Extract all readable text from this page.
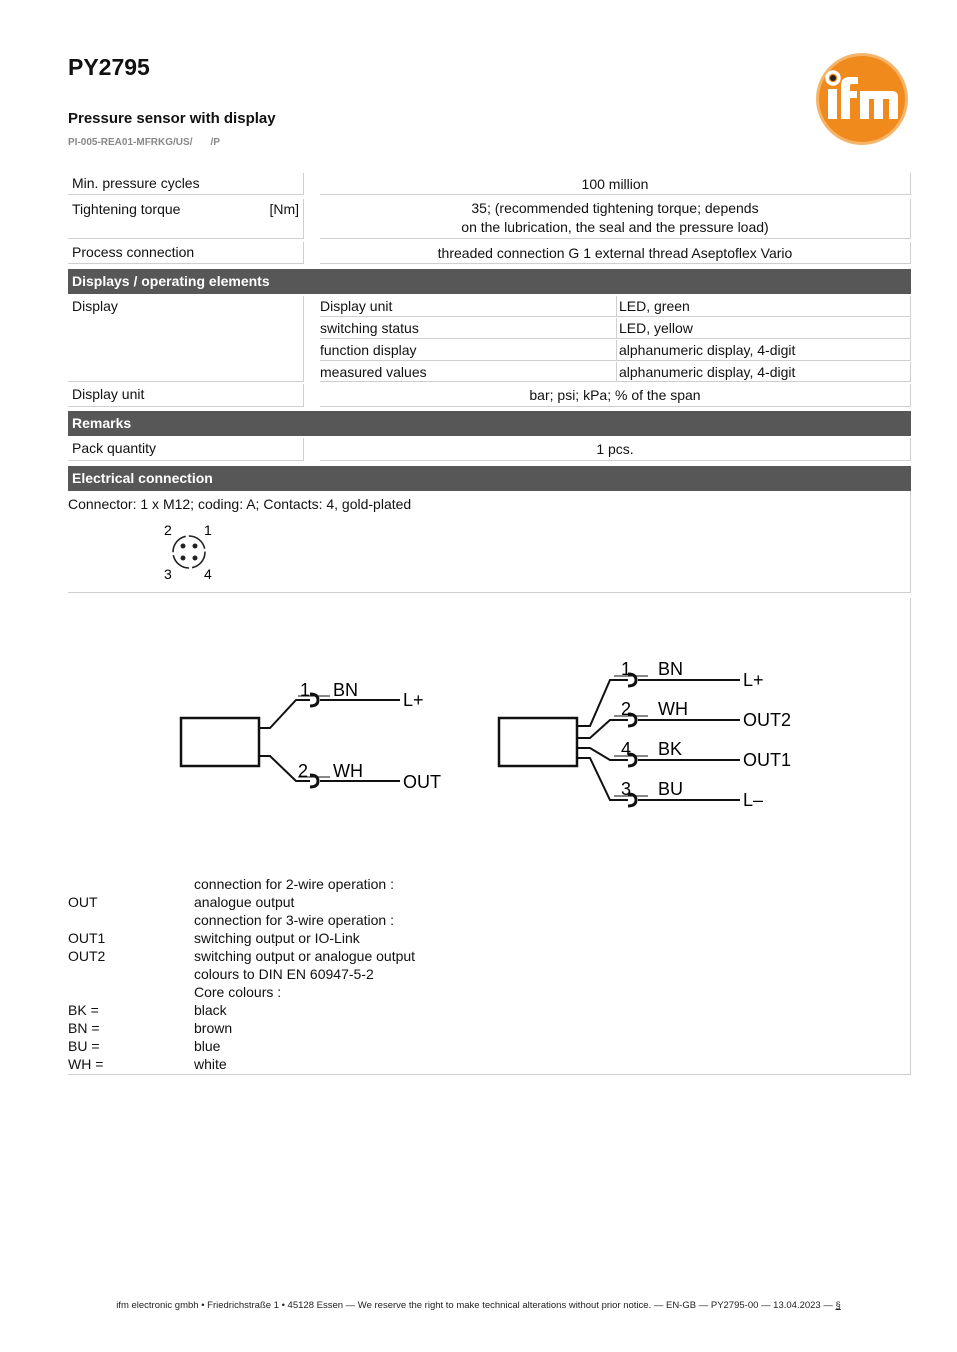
PY2795
Pressure sensor with display
PI-005-REA01-MFRKG/US/ /P
Min. pressure cycles	100 million
Tightening torque	[Nm]	35; (recommended tightening torque; depends
on the lubrication, the seal and the pressure load)
Process connection	threaded connection G 1 external thread Aseptoflex Vario
Displays / operating elements
Display	Display unit	LED, green
switching status	LED, yellow
function display	alphanumeric display, 4-digit
measured values	alphanumeric display, 4-digit
Display unit	bar; psi; kPa; % of the span
Remarks
Pack quantity	1 pcs.
Electrical connection
Connector: 1 x M12; coding: A; Contacts: 4, gold-plated
2 1
3 4
1 BN L+
2 WH
OUT
1 BN
L+
2 WH
OUT2
4 BK
OUT1
3 BU
L–
connection for 2-wire operation :
OUT	analogue output
connection for 3-wire operation :
OUT1	switching output or IO-Link
OUT2	switching output or analogue output
colours to DIN EN 60947-5-2
Core colours :
BK =	black
BN =	brown
BU =	blue
WH =	white
ifm electronic gmbh • Friedrichstraße 1 • 45128 Essen — We reserve the right to make technical alterations without prior notice. — EN-GB — PY2795-00 — 13.04.2023 — §
